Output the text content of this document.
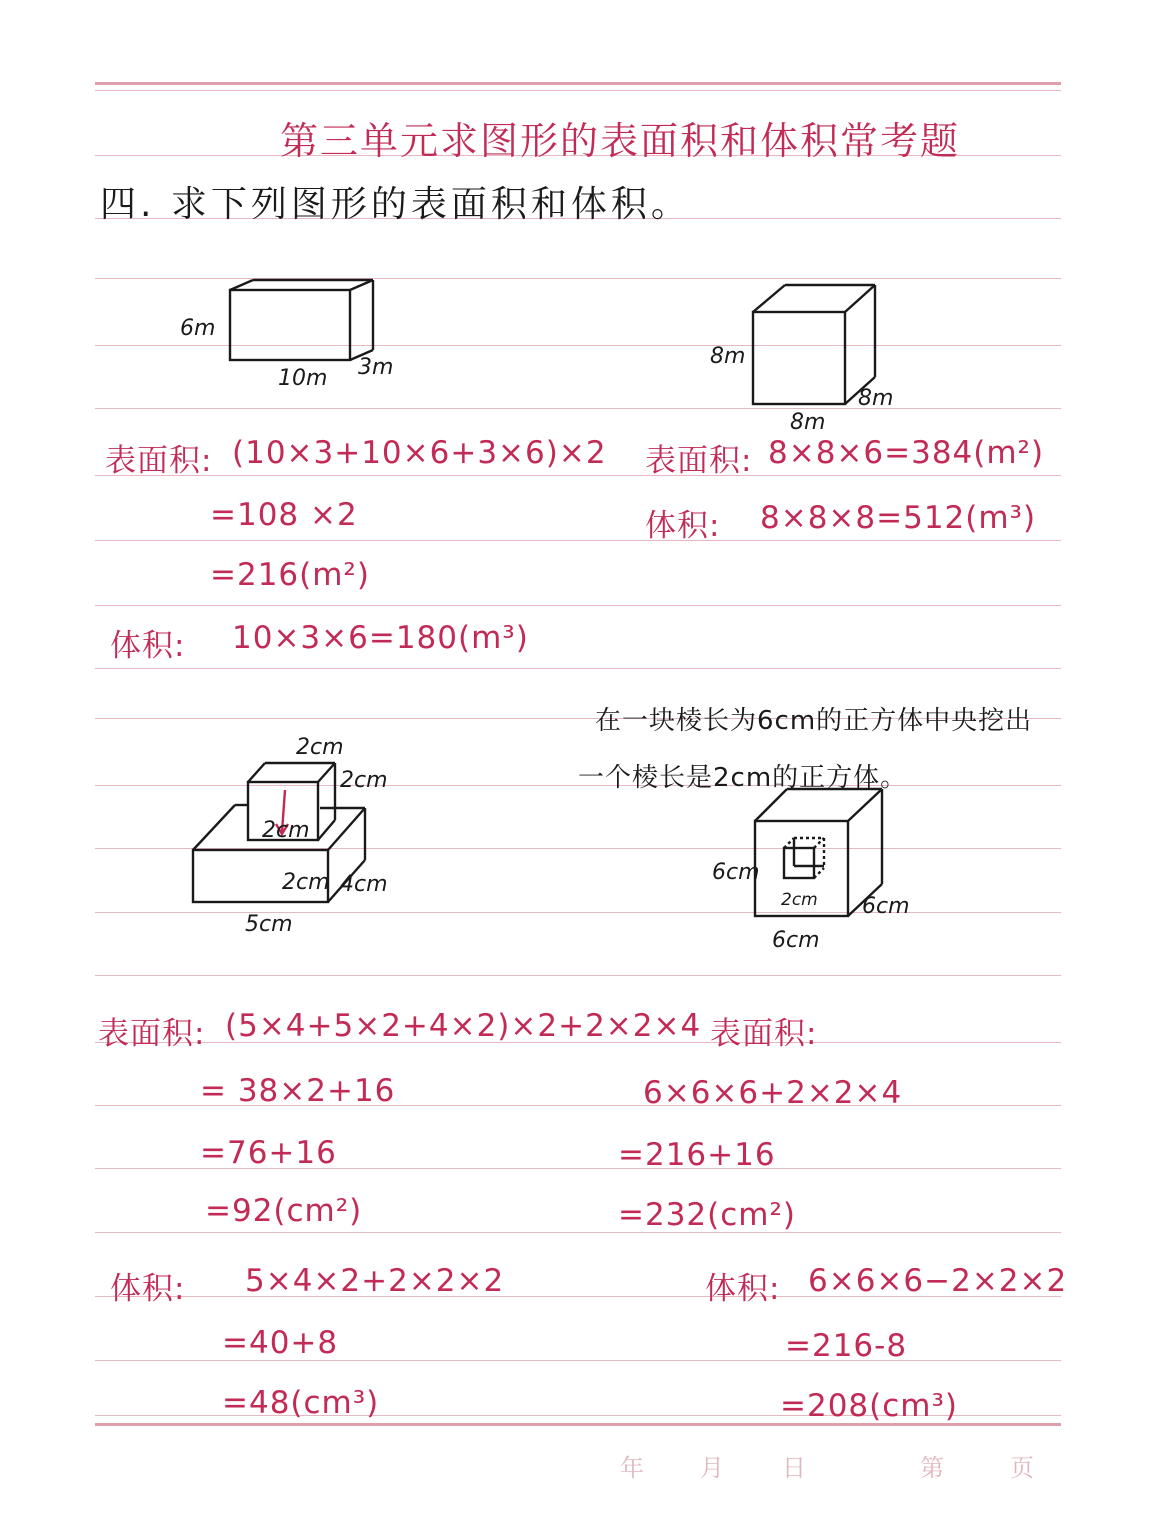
第三单元求图形的表面积和体积常考题
四. 求下列图形的表面积和体积。
6m
10m 3m	8m
8m
8m
表面积: (10×3+10×6+3×6)×2
=108 ×2
=216(m²)
体积: 10×3×6=180(m³)
表面积: 8×8×6=384(m²)
体积: 8×8×8=512(m³)
在一块棱长为6cm的正方体中央挖出
一个棱长是2cm的正方体。
2cm
2cm
2cm
2cm 4cm
5cm
6cm
2cm 6cm
6cm
表面积: (5×4+5×2+4×2)×2+2×2×4
= 38×2+16
=76+16
=92(cm²)
体积: 5×4×2+2×2×2
=40+8
=48(cm³)
表面积:
6×6×6+2×2×4
=216+16
=232(cm²)
体积: 6×6×6−2×2×2
=216-8
=208(cm³)
年 月 日	第	页
